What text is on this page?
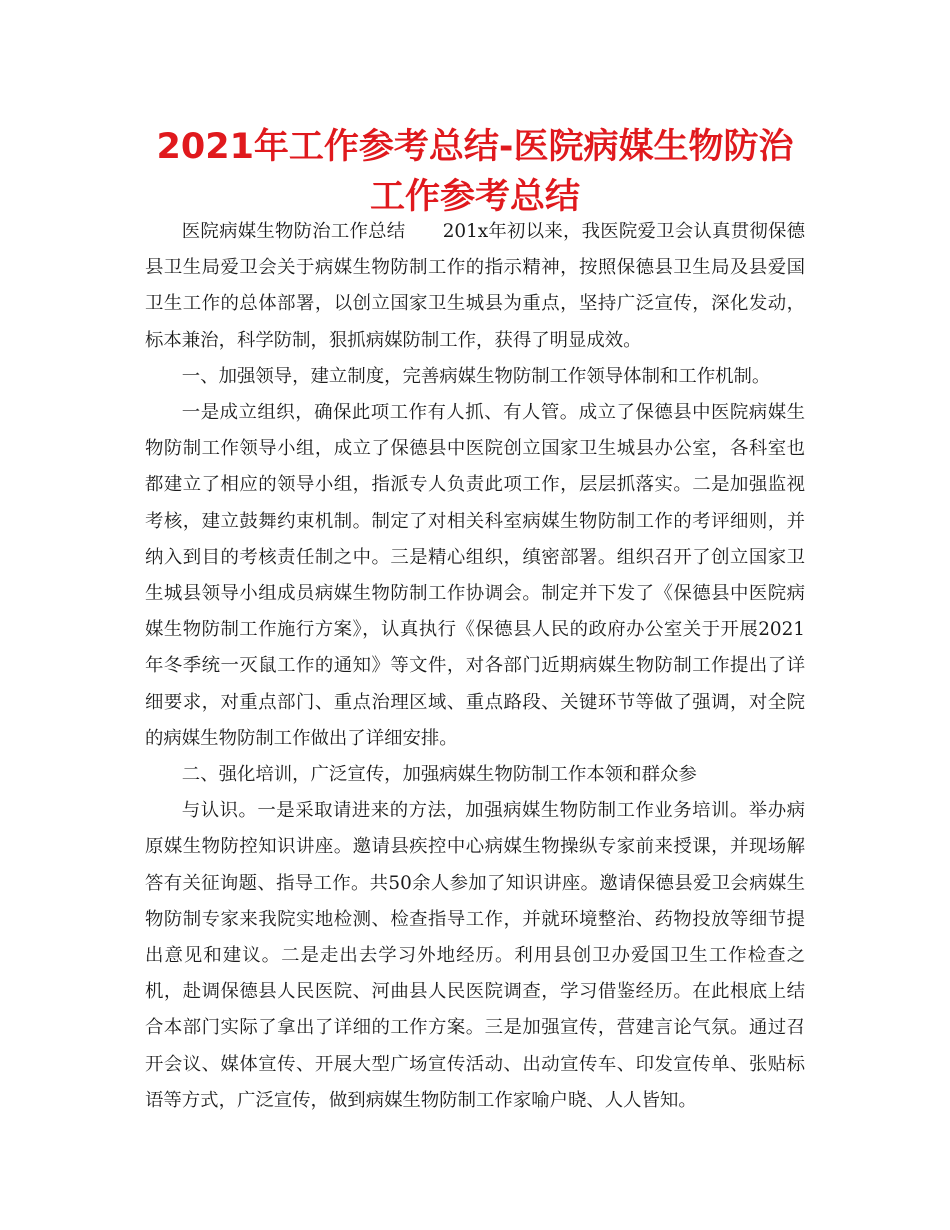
2021年工作参考总结-医院病媒生物防治工作参考总结

医院病媒生物防治工作总结　　201x年初以来，我医院爱卫会认真贯彻保德县卫生局爱卫会关于病媒生物防制工作的指示精神，按照保德县卫生局及县爱国卫生工作的总体部署，以创立国家卫生城县为重点，坚持广泛宣传，深化发动，标本兼治，科学防制，狠抓病媒防制工作，获得了明显成效。

一、加强领导，建立制度，完善病媒生物防制工作领导体制和工作机制。

一是成立组织，确保此项工作有人抓、有人管。成立了保德县中医院病媒生物防制工作领导小组，成立了保德县中医院创立国家卫生城县办公室，各科室也都建立了相应的领导小组，指派专人负责此项工作，层层抓落实。二是加强监视考核，建立鼓舞约束机制。制定了对相关科室病媒生物防制工作的考评细则，并纳入到目的考核责任制之中。三是精心组织，缜密部署。组织召开了创立国家卫生城县领导小组成员病媒生物防制工作协调会。制定并下发了《保德县中医院病媒生物防制工作施行方案》，认真执行《保德县人民的政府办公室关于开展2021年冬季统一灭鼠工作的通知》等文件，对各部门近期病媒生物防制工作提出了详细要求，对重点部门、重点治理区域、重点路段、关键环节等做了强调，对全院的病媒生物防制工作做出了详细安排。

二、强化培训，广泛宣传，加强病媒生物防制工作本领和群众参

与认识。一是采取请进来的方法，加强病媒生物防制工作业务培训。举办病原媒生物防控知识讲座。邀请县疾控中心病媒生物操纵专家前来授课，并现场解答有关征询题、指导工作。共50余人参加了知识讲座。邀请保德县爱卫会病媒生物防制专家来我院实地检测、检查指导工作，并就环境整治、药物投放等细节提出意见和建议。二是走出去学习外地经历。利用县创卫办爱国卫生工作检查之机，赴调保德县人民医院、河曲县人民医院调查，学习借鉴经历。在此根底上结合本部门实际了拿出了详细的工作方案。三是加强宣传，营建言论气氛。通过召开会议、媒体宣传、开展大型广场宣传活动、出动宣传车、印发宣传单、张贴标语等方式，广泛宣传，做到病媒生物防制工作家喻户晓、人人皆知。
